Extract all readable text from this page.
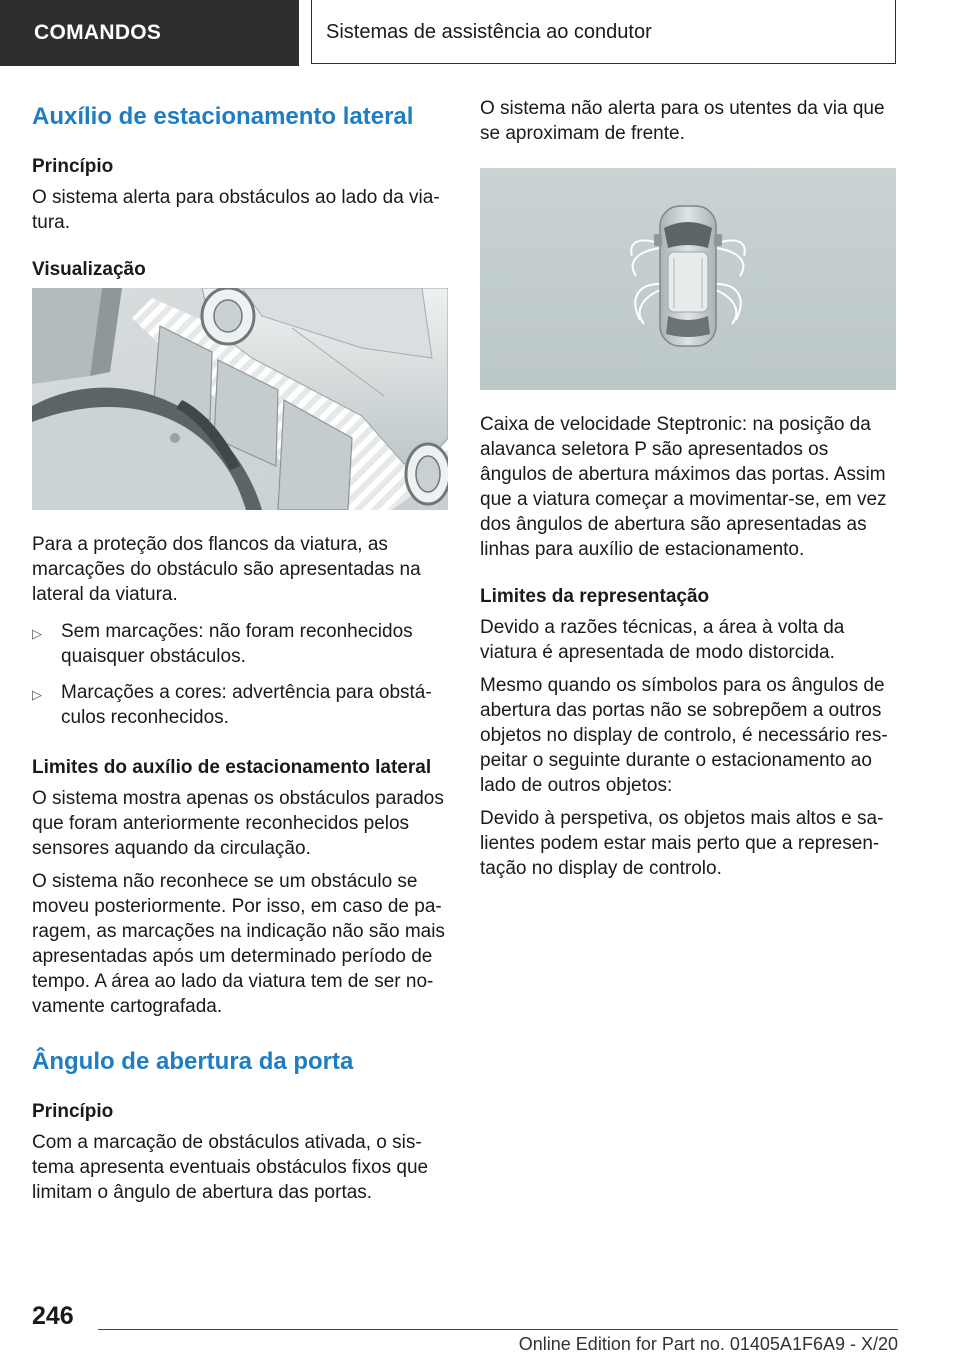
COMANDOS	Sistemas de assistência ao condutor
Auxílio de estacionamento lateral
Princípio

O sistema alerta para obstáculos ao lado da viatura.

Visualização

Para a proteção dos flancos da viatura, as marcações do obstáculo são apresentadas na lateral da viatura.

▷ Sem marcações: não foram reconhecidos quaisquer obstáculos.
▷ Marcações a cores: advertência para obstáculos reconhecidos.
Limites do auxílio de estacionamento lateral

O sistema mostra apenas os obstáculos parados que foram anteriormente reconhecidos pelos sensores aquando da circulação.

O sistema não reconhece se um obstáculo se moveu posteriormente. Por isso, em caso de paragem, as marcações na indicação não são mais apresentadas após um determinado período de tempo. A área ao lado da viatura tem de ser novamente cartografada.

Ângulo de abertura da porta
Princípio

Com a marcação de obstáculos ativada, o sistema apresenta eventuais obstáculos fixos que limitam o ângulo de abertura das portas.

O sistema não alerta para os utentes da via que se aproximam de frente.

Caixa de velocidade Steptronic: na posição da alavanca seletora P são apresentados os ângulos de abertura máximos das portas. Assim que a viatura começar a movimentar-se, em vez dos ângulos de abertura são apresentadas as linhas para auxílio de estacionamento.

Limites da representação

Devido a razões técnicas, a área à volta da viatura é apresentada de modo distorcida.

Mesmo quando os símbolos para os ângulos de abertura das portas não se sobrepõem a outros objetos no display de controlo, é necessário respeitar o seguinte durante o estacionamento ao lado de outros objetos:

Devido à perspetiva, os objetos mais altos e salientes podem estar mais perto que a representação no display de controlo.

246
Online Edition for Part no. 01405A1F6A9 - X/20
